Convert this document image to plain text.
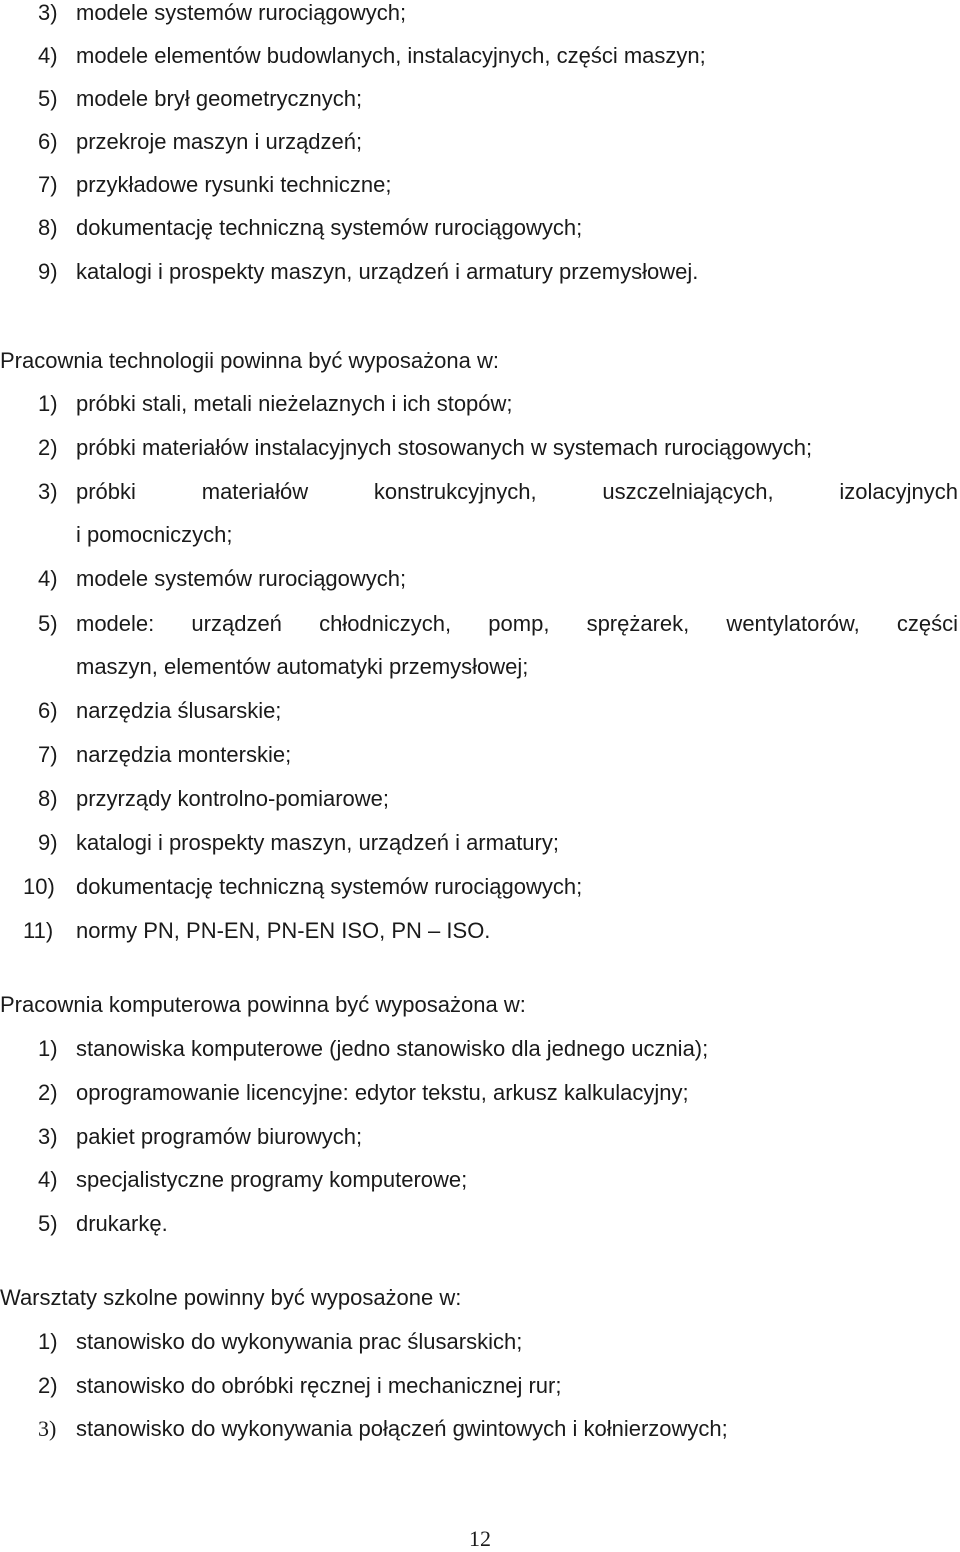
3) modele systemów rurociągowych;
4) modele elementów budowlanych, instalacyjnych, części maszyn;
5) modele brył geometrycznych;
6) przekroje maszyn i urządzeń;
7) przykładowe rysunki techniczne;
8) dokumentację techniczną systemów rurociągowych;
9) katalogi i prospekty maszyn, urządzeń i armatury przemysłowej.
Pracownia technologii powinna być wyposażona w:
1) próbki stali, metali nieżelaznych i ich stopów;
2) próbki materiałów instalacyjnych stosowanych w systemach rurociągowych;
3) próbki materiałów konstrukcyjnych, uszczelniających, izolacyjnych
i pomocniczych;
4) modele systemów rurociągowych;
5) modele: urządzeń chłodniczych, pomp, sprężarek, wentylatorów, części
maszyn, elementów automatyki przemysłowej;
6) narzędzia ślusarskie;
7) narzędzia monterskie;
8) przyrządy kontrolno-pomiarowe;
9) katalogi i prospekty maszyn, urządzeń i armatury;
10) dokumentację techniczną systemów rurociągowych;
11) normy PN, PN-EN, PN-EN ISO, PN – ISO.
Pracownia komputerowa powinna być wyposażona w:
1) stanowiska komputerowe (jedno stanowisko dla jednego ucznia);
2) oprogramowanie licencyjne: edytor tekstu, arkusz kalkulacyjny;
3) pakiet programów biurowych;
4) specjalistyczne programy komputerowe;
5) drukarkę.
Warsztaty szkolne powinny być wyposażone w:
1) stanowisko do wykonywania prac ślusarskich;
2) stanowisko do obróbki ręcznej i mechanicznej rur;
3) stanowisko do wykonywania połączeń gwintowych i kołnierzowych;
12
